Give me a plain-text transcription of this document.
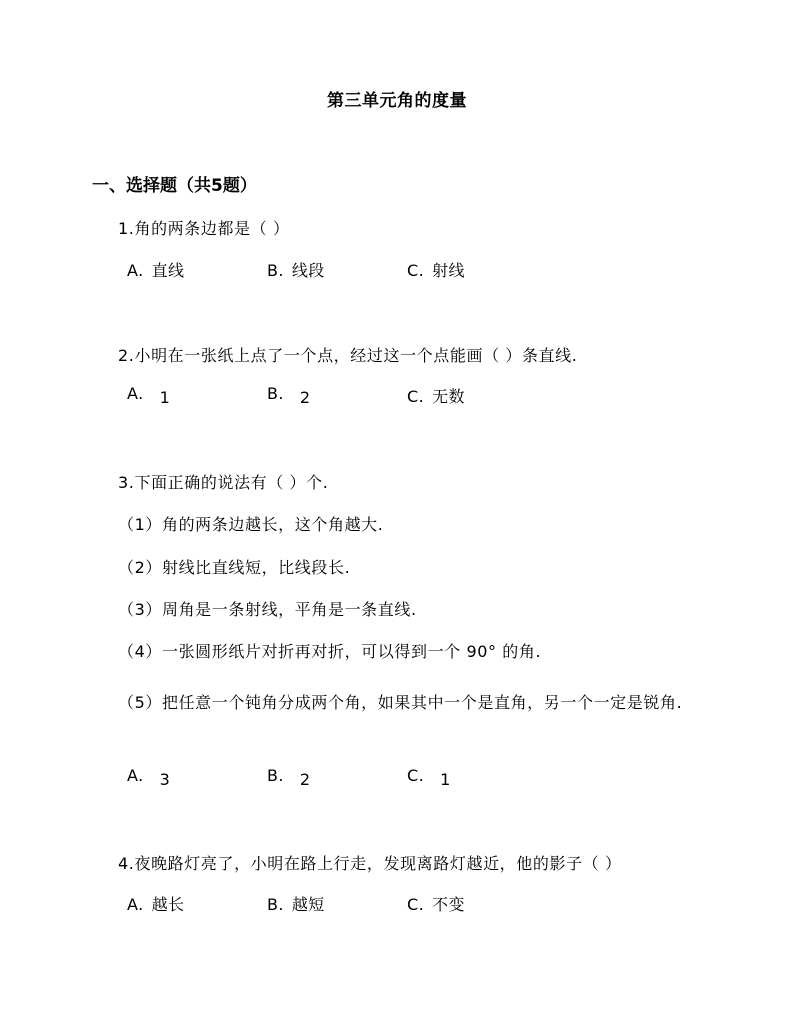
第三单元角的度量
一、选择题（共5题）
1.角的两条边都是（ ）
A. 直线	B. 线段	C. 射线
2.小明在一张纸上点了一个点，经过这一个点能画（ ）条直线.
A. 1	B. 2	C. 无数
3.下面正确的说法有（ ）个.
（1）角的两条边越长，这个角越大.
（2）射线比直线短，比线段长.
（3）周角是一条射线，平角是一条直线.
（4）一张圆形纸片对折再对折，可以得到一个 90° 的角.
（5）把任意一个钝角分成两个角，如果其中一个是直角，另一个一定是锐角.
A. 3	B. 2	C. 1
4.夜晚路灯亮了，小明在路上行走，发现离路灯越近，他的影子（ ）
A. 越长	B. 越短	C. 不变
